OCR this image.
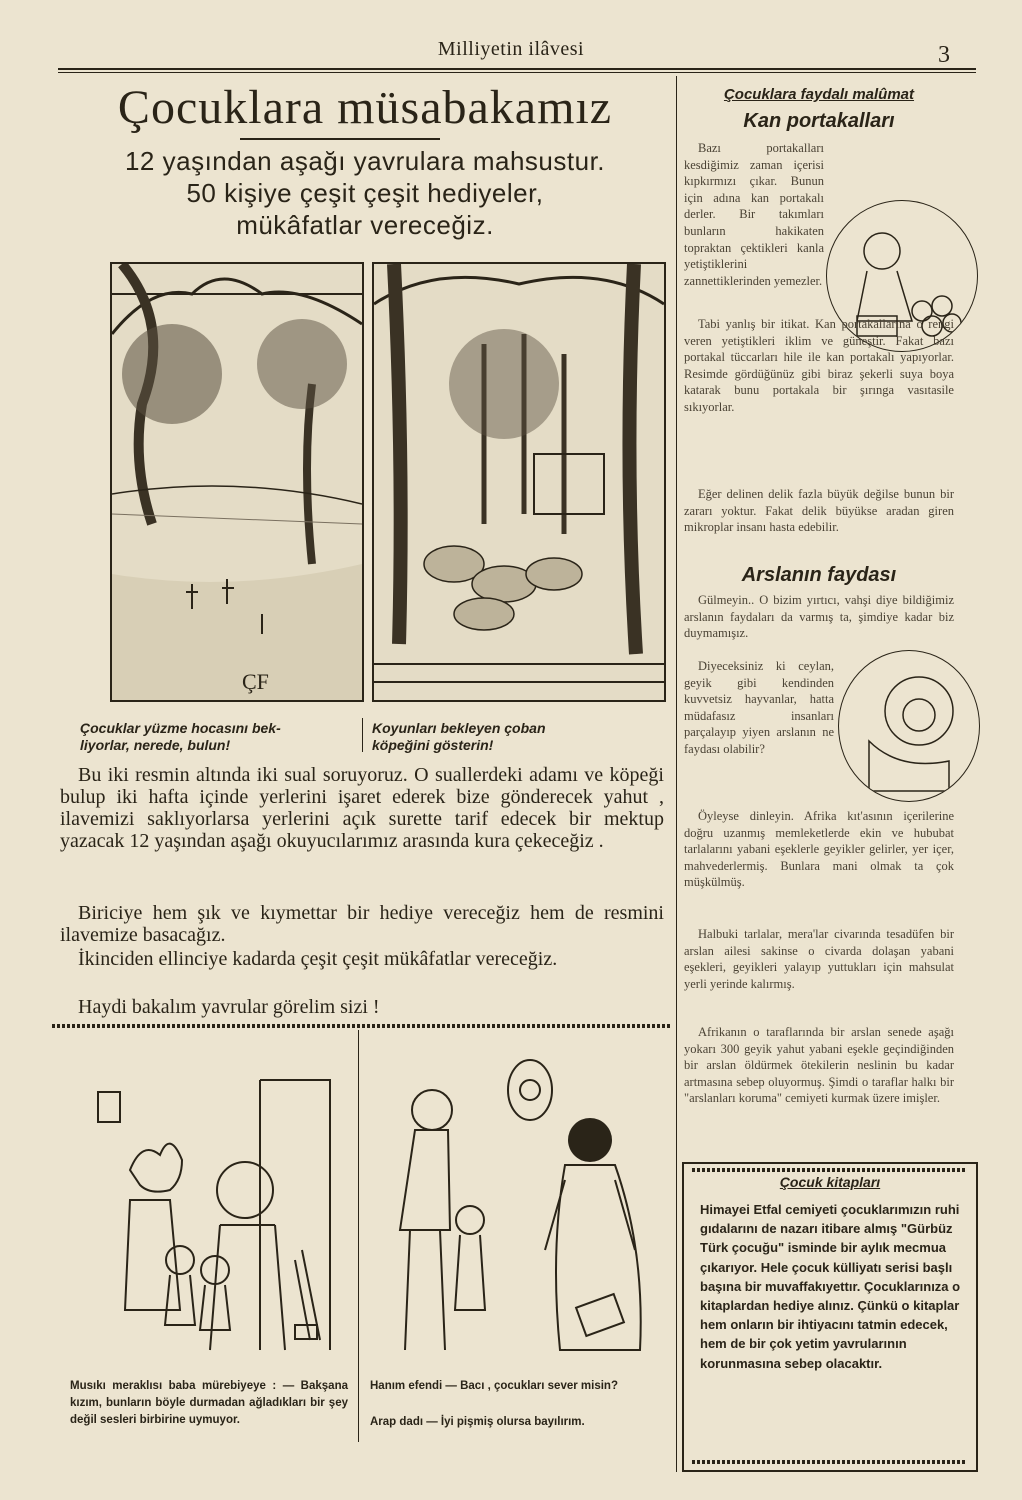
Milliyetin ilâvesi	3
Çocuklara müsabakamız
12 yaşından aşağı yavrulara mahsustur.
50 kişiye çeşit çeşit hediyeler,
mükâfatlar vereceğiz.
ÇF
Çocuklar yüzme hocasını bek-
liyorlar, nerede, bulun!
Koyunları bekleyen çoban
köpeğini gösterin!
Bu iki resmin altında iki sual soruyoruz. O suallerdeki adamı ve köpeği bulup iki hafta içinde yerlerini işaret ederek bize gönderecek yahut , ilavemizi saklıyorlarsa yerlerini açık surette tarif edecek bir mektup yazacak 12 yaşından aşağı okuyucılarımız arasında kura çekeceğiz .
Biriciye hem şık ve kıymettar bir hediye vereceğiz hem de resmini ilavemize basacağız.
İkinciden ellinciye kadarda çeşit çeşit mükâfatlar vereceğiz.
Haydi bakalım yavrular görelim sizi !
Musıkı meraklısı baba mürebiyeye : — Bakşana kızım, bunların böyle durmadan ağladıkları bir şey değil sesleri birbirine uymuyor.
Hanım efendi — Bacı , çocukları sever misin?
Arap dadı — İyi pişmiş olursa bayılırım.
Çocuklara faydalı malûmat
Kan portakalları
Bazı portakalları kesdiğimiz zaman içerisi kıpkırmızı çıkar. Bunun için adına kan portakalı derler. Bir takımları bunların hakikaten topraktan çektikleri kanla yetiştiklerini zannettiklerinden yemezler.
Tabi yanlış bir itikat. Kan portakallarına o rengi veren yetiştikleri iklim ve güneştir. Fakat bazı portakal tüccarları hile ile kan portakalı yapıyorlar. Resimde gördüğünüz gibi biraz şekerli suya boya katarak bunu portakala bir şırınga vasıtasile sıkıyorlar.
Eğer delinen delik fazla büyük değilse bunun bir zararı yoktur. Fakat delik büyükse aradan giren mikroplar insanı hasta edebilir.
Arslanın faydası
Gülmeyin.. O bizim yırtıcı, vahşi diye bildiğimiz arslanın faydaları da varmış ta, şimdiye kadar biz duymamışız.
Diyeceksiniz ki ceylan, geyik gibi kendinden kuvvetsiz hayvanlar, hatta müdafasız insanları parçalayıp yiyen arslanın ne faydası olabilir?
Öyleyse dinleyin. Afrika kıt'asının içerilerine doğru uzanmış memleketlerde ekin ve hububat tarlalarını yabani eşeklerle geyikler gelirler, yer içer, mahvederlermiş. Bunlara mani olmak ta çok müşkülmüş.
Halbuki tarlalar, mera'lar civarında tesadüfen bir arslan ailesi sakinse o civarda dolaşan yabani eşekleri, geyikleri yalayıp yuttukları için mahsulat yerli yerinde kalırmış.
Afrikanın o taraflarında bir arslan senede aşağı yokarı 300 geyik yahut yabani eşekle geçindiğinden bir arslan öldürmek ötekilerin neslinin bu kadar artmasına sebep oluyormuş. Şimdi o taraflar halkı bir "arslanları koruma" cemiyeti kurmak üzere imişler.
Çocuk kitapları
Himayei Etfal cemiyeti çocuklarımızın ruhi gıdalarını de nazarı itibare almış "Gürbüz Türk çocuğu" isminde bir aylık mecmua çıkarıyor. Hele çocuk külliyatı serisi başlı başına bir muvaffakıyettır. Çocuklarınıza o kitaplardan hediye alınız. Çünkü o kitaplar hem onların bir ihtiyacını tatmin edecek, hem de bir çok yetim yavrularının korunmasına sebep olacaktır.
